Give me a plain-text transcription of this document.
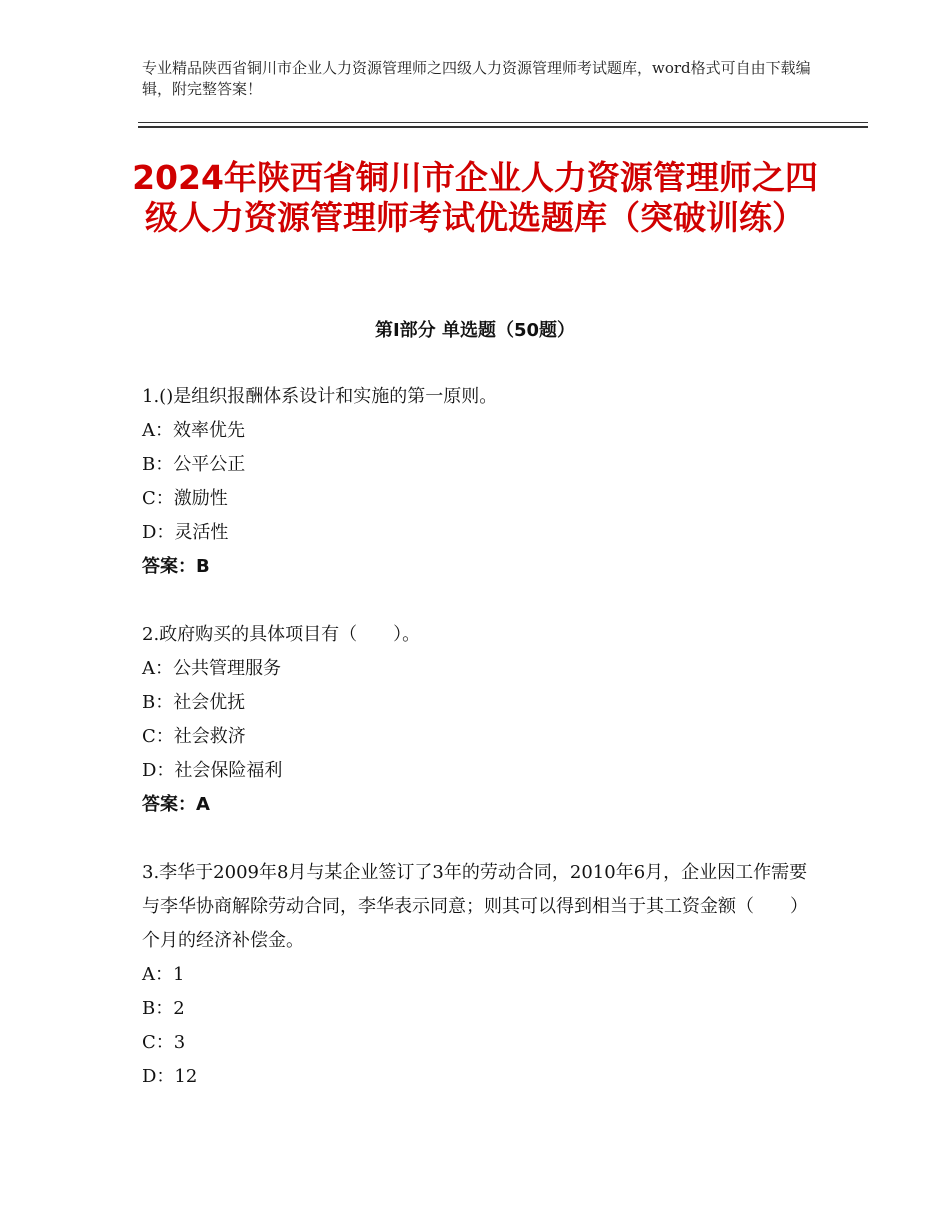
专业精品陕西省铜川市企业人力资源管理师之四级人力资源管理师考试题库，word格式可自由下载编辑，附完整答案！
2024年陕西省铜川市企业人力资源管理师之四级人力资源管理师考试优选题库（突破训练）
第Ⅰ部分 单选题（50题）
1.()是组织报酬体系设计和实施的第一原则。
A：效率优先
B：公平公正
C：激励性
D：灵活性
答案：B
2.政府购买的具体项目有（　　）。
A：公共管理服务
B：社会优抚
C：社会救济
D：社会保险福利
答案：A
3.李华于2009年8月与某企业签订了3年的劳动合同，2010年6月，企业因工作需要与李华协商解除劳动合同，李华表示同意；则其可以得到相当于其工资金额（　　）个月的经济补偿金。
A：1
B：2
C：3
D：12
